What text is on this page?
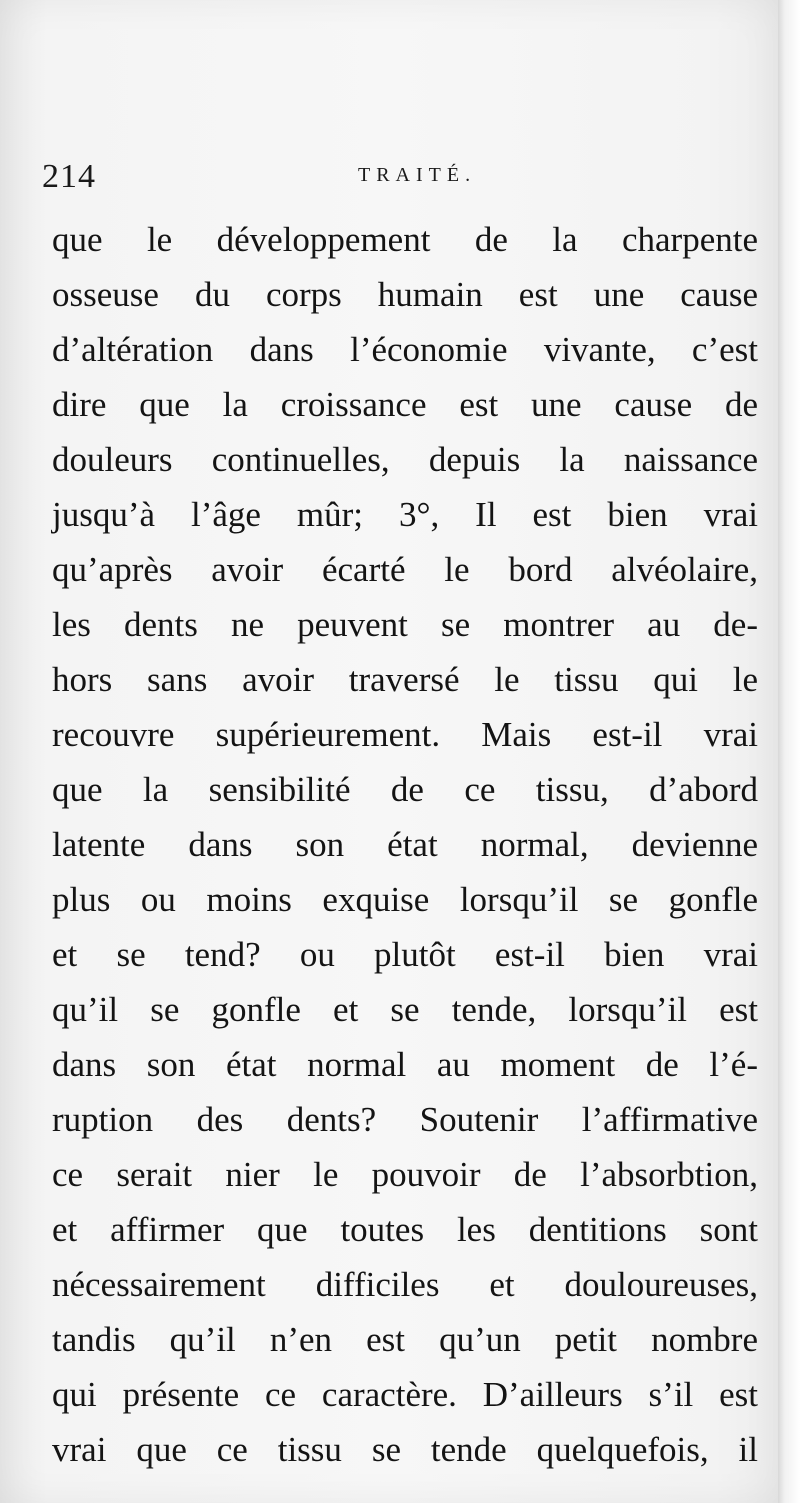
214	TRAITÉ.
que le développement de la charpente
osseuse du corps humain est une cause
d’altération dans l’économie vivante, c’est
dire que la croissance est une cause de
douleurs continuelles, depuis la naissance
jusqu’à l’âge mûr; 3°, Il est bien vrai
qu’après avoir écarté le bord alvéolaire,
les dents ne peuvent se montrer au de-
hors sans avoir traversé le tissu qui le
recouvre supérieurement. Mais est-il vrai
que la sensibilité de ce tissu, d’abord
latente dans son état normal, devienne
plus ou moins exquise lorsqu’il se gonfle
et se tend? ou plutôt est-il bien vrai
qu’il se gonfle et se tende, lorsqu’il est
dans son état normal au moment de l’é-
ruption des dents? Soutenir l’affirmative
ce serait nier le pouvoir de l’absorbtion,
et affirmer que toutes les dentitions sont
nécessairement difficiles et douloureuses,
tandis qu’il n’en est qu’un petit nombre
qui présente ce caractère. D’ailleurs s’il est
vrai que ce tissu se tende quelquefois, il
